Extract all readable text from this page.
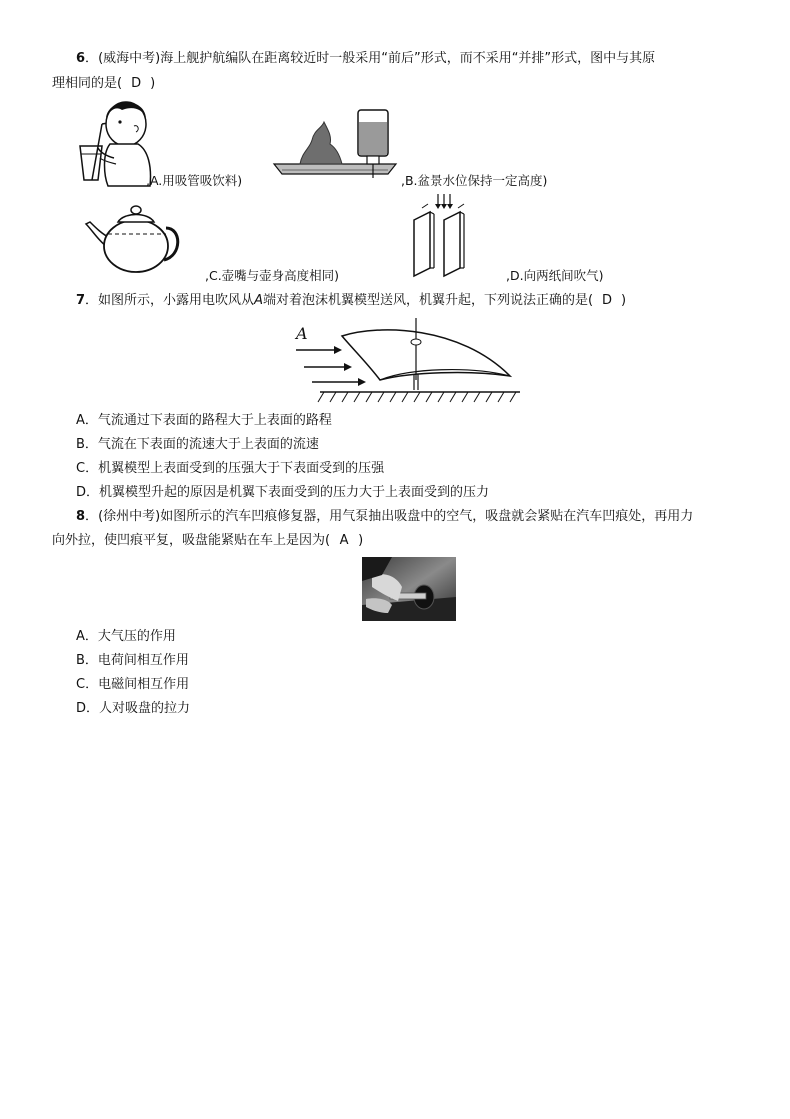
6．(威海中考)海上舰护航编队在距离较近时一般采用“前后”形式，而不采用“并排”形式，图中与其原
理相同的是( D )
,A.用吸管吸饮料)	,B.盆景水位保持一定高度)
,C.壶嘴与壶身高度相同)	,D.向两纸间吹气)
7．如图所示，小露用电吹风从A端对着泡沫机翼模型送风，机翼升起，下列说法正确的是( D )
A
A．气流通过下表面的路程大于上表面的路程
B．气流在下表面的流速大于上表面的流速
C．机翼模型上表面受到的压强大于下表面受到的压强
D．机翼模型升起的原因是机翼下表面受到的压力大于上表面受到的压力
8．(徐州中考)如图所示的汽车凹痕修复器，用气泵抽出吸盘中的空气，吸盘就会紧贴在汽车凹痕处，再用力
向外拉，使凹痕平复，吸盘能紧贴在车上是因为( A )
A．大气压的作用
B．电荷间相互作用
C．电磁间相互作用
D．人对吸盘的拉力
